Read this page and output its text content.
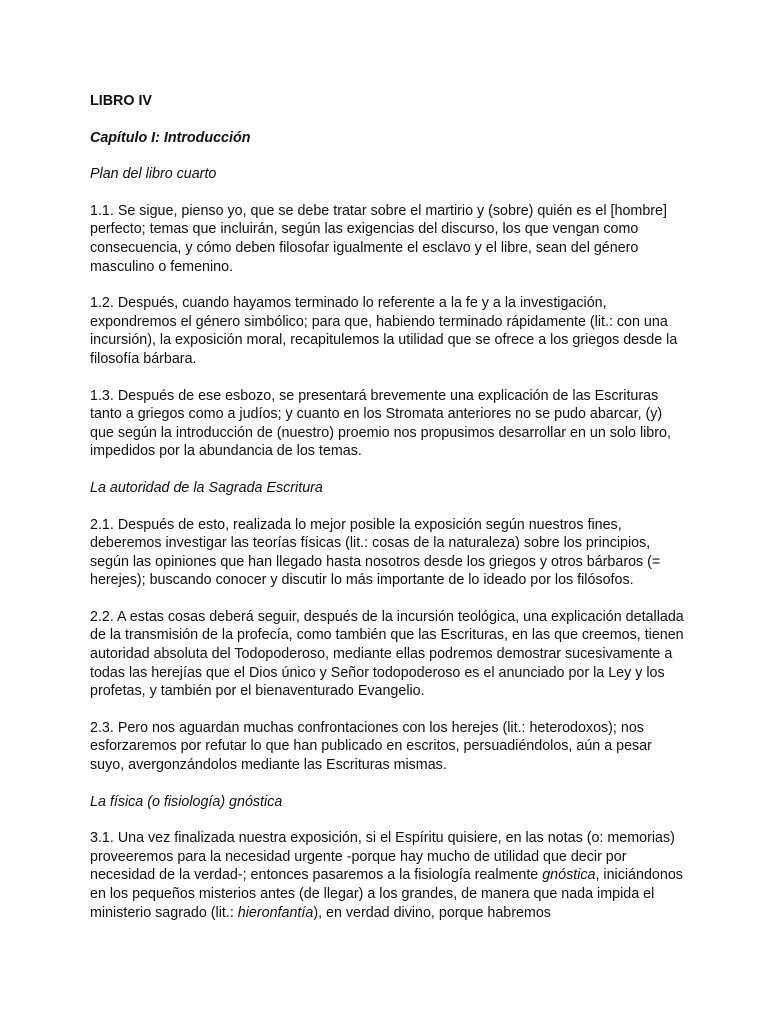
LIBRO IV

Capítulo I: Introducción

Plan del libro cuarto

1.1. Se sigue, pienso yo, que se debe tratar sobre el martirio y (sobre) quién es el [hombre] perfecto; temas que incluirán, según las exigencias del discurso, los que vengan como consecuencia, y cómo deben filosofar igualmente el esclavo y el libre, sean del género masculino o femenino.

1.2. Después, cuando hayamos terminado lo referente a la fe y a la investigación, expondremos el género simbólico; para que, habiendo terminado rápidamente (lit.: con una incursión), la exposición moral, recapitulemos la utilidad que se ofrece a los griegos desde la filosofía bárbara.

1.3. Después de ese esbozo, se presentará brevemente una explicación de las Escrituras tanto a griegos como a judíos; y cuanto en los Stromata anteriores no se pudo abarcar, (y) que según la introducción de (nuestro) proemio nos propusimos desarrollar en un solo libro, impedidos por la abundancia de los temas.

La autoridad de la Sagrada Escritura

2.1. Después de esto, realizada lo mejor posible la exposición según nuestros fines, deberemos investigar las teorías físicas (lit.: cosas de la naturaleza) sobre los principios, según las opiniones que han llegado hasta nosotros desde los griegos y otros bárbaros (= herejes); buscando conocer y discutir lo más importante de lo ideado por los filósofos.

2.2. A estas cosas deberá seguir, después de la incursión teológica, una explicación detallada de la transmisión de la profecía, como también que las Escrituras, en las que creemos, tienen autoridad absoluta del Todopoderoso, mediante ellas podremos demostrar sucesivamente a todas las herejías que el Dios único y Señor todopoderoso es el anunciado por la Ley y los profetas, y también por el bienaventurado Evangelio.

2.3. Pero nos aguardan muchas confrontaciones con los herejes (lit.: heterodoxos); nos esforzaremos por refutar lo que han publicado en escritos, persuadiéndolos, aún a pesar suyo, avergonzándolos mediante las Escrituras mismas.

La física (o fisiología) gnóstica

3.1. Una vez finalizada nuestra exposición, si el Espíritu quisiere, en las notas (o: memorias) proveeremos para la necesidad urgente -porque hay mucho de utilidad que decir por necesidad de la verdad-; entonces pasaremos a la fisiología realmente gnóstica, iniciándonos en los pequeños misterios antes (de llegar) a los grandes, de manera que nada impida el ministerio sagrado (lit.: hieronfantía), en verdad divino, porque habremos
